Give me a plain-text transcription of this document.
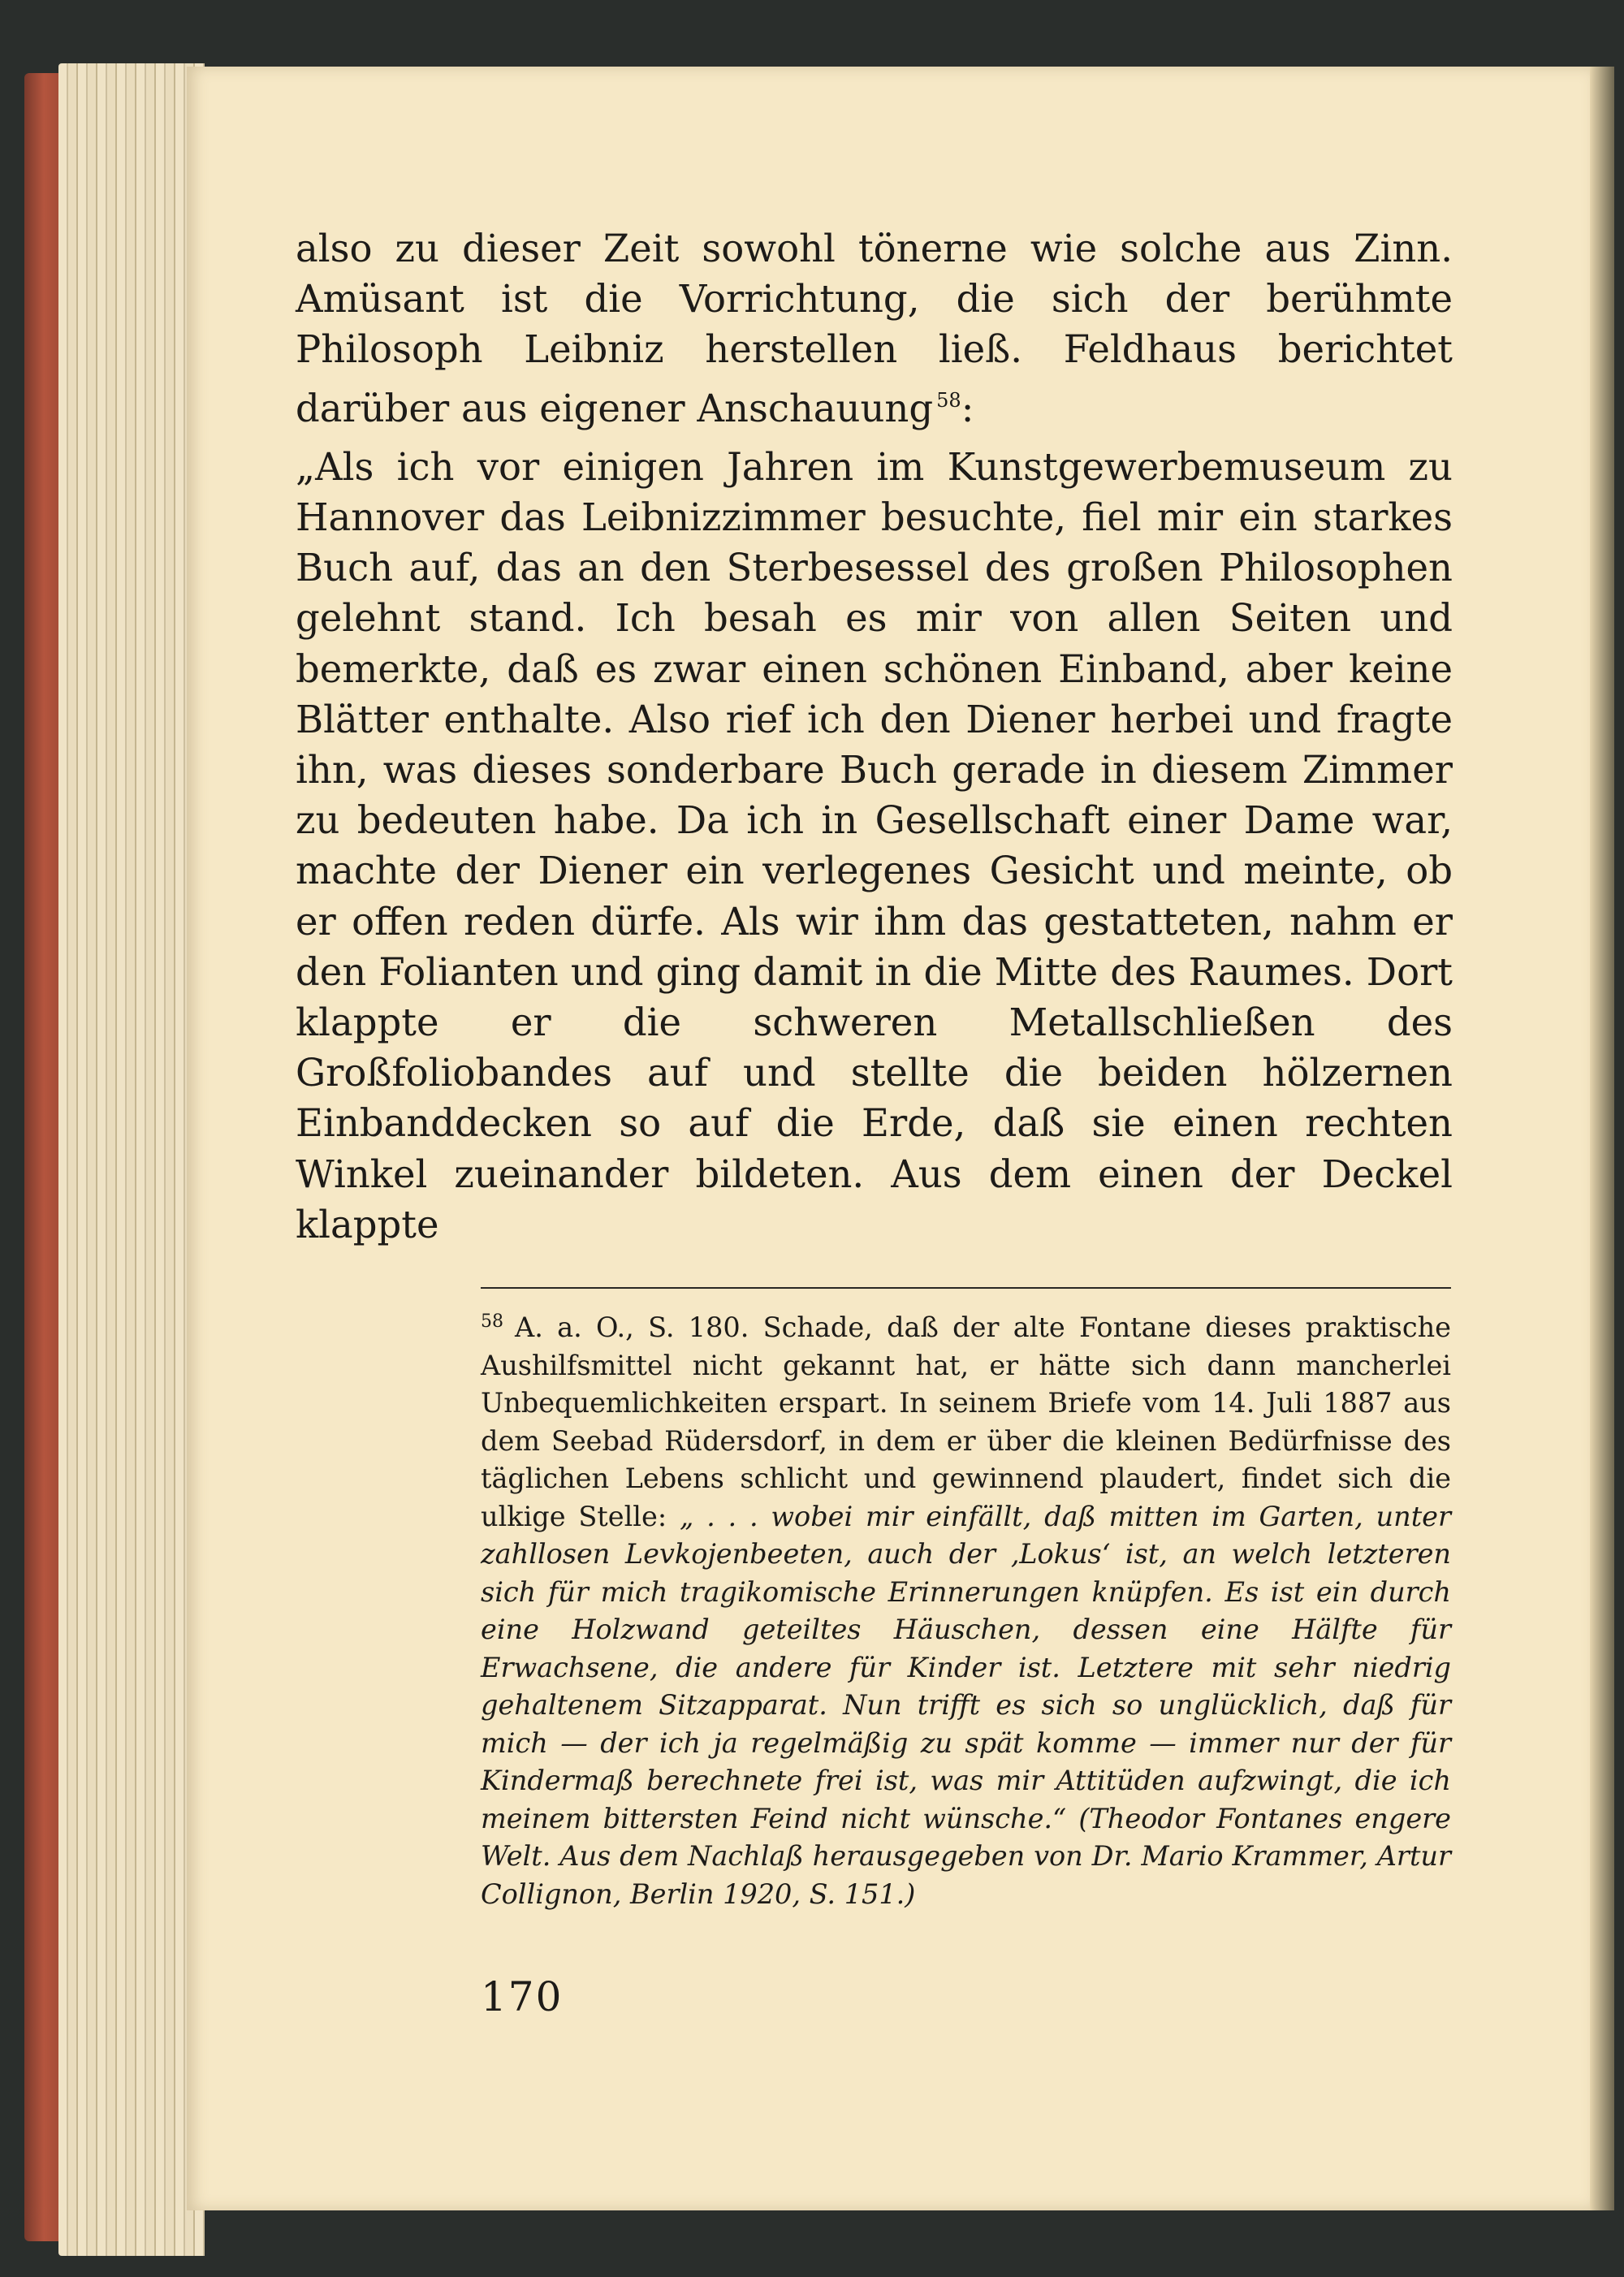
also zu dieser Zeit sowohl tönerne wie solche aus Zinn. Amüsant ist die Vorrichtung, die sich der berühmte Philosoph Leibniz herstellen ließ. Feldhaus berichtet darüber aus eigener Anschauung $^{58}$:

„Als ich vor einigen Jahren im Kunstgewerbemuseum zu Hannover das Leibnizzimmer besuchte, fiel mir ein starkes Buch auf, das an den Sterbesessel des großen Philosophen gelehnt stand. Ich besah es mir von allen Seiten und bemerkte, daß es zwar einen schönen Einband, aber keine Blätter enthalte. Also rief ich den Diener herbei und fragte ihn, was dieses sonderbare Buch gerade in diesem Zimmer zu bedeuten habe. Da ich in Gesellschaft einer Dame war, machte der Diener ein verlegenes Gesicht und meinte, ob er offen reden dürfe. Als wir ihm das gestatteten, nahm er den Folianten und ging damit in die Mitte des Raumes. Dort klappte er die schweren Metallschließen des Großfoliobandes auf und stellte die beiden hölzernen Einbanddecken so auf die Erde, daß sie einen rechten Winkel zueinander bildeten. Aus dem einen der Deckel klappte

$^{58}$ A. a. O., S. 180. Schade, daß der alte Fontane dieses praktische Aushilfsmittel nicht gekannt hat, er hätte sich dann mancherlei Unbequemlichkeiten erspart. In seinem Briefe vom 14. Juli 1887 aus dem Seebad Rüdersdorf, in dem er über die kleinen Bedürfnisse des täglichen Lebens schlicht und gewinnend plaudert, findet sich die ulkige Stelle: „ . . . wobei mir einfällt, daß mitten im Garten, unter zahllosen Levkojenbeeten, auch der ‚Lokus‘ ist, an welch letzteren sich für mich tragikomische Erinnerungen knüpfen. Es ist ein durch eine Holzwand geteiltes Häuschen, dessen eine Hälfte für Erwachsene, die andere für Kinder ist. Letztere mit sehr niedrig gehaltenem Sitzapparat. Nun trifft es sich so unglücklich, daß für mich — der ich ja regelmäßig zu spät komme — immer nur der für Kindermaß berechnete frei ist, was mir Attitüden aufzwingt, die ich meinem bittersten Feind nicht wünsche.“ (Theodor Fontanes engere Welt. Aus dem Nachlaß herausgegeben von Dr. Mario Krammer, Artur Collignon, Berlin 1920, S. 151.)
170
